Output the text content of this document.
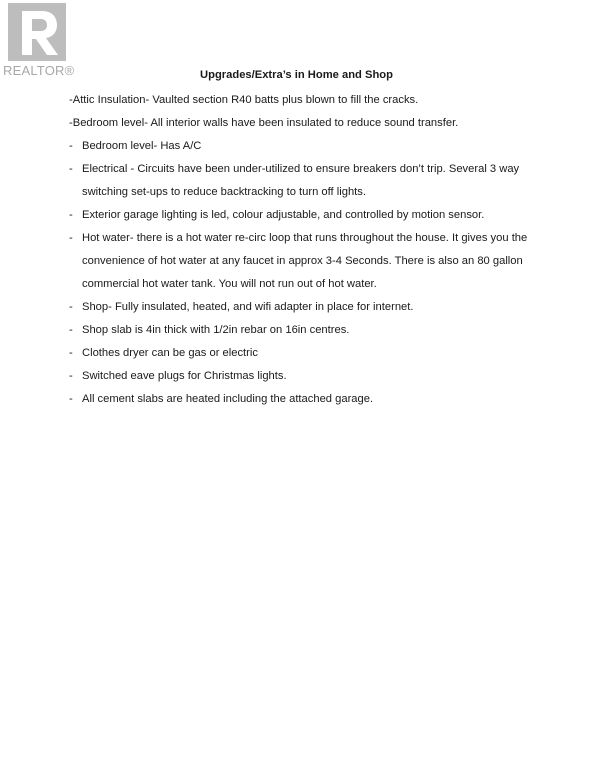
REALTOR®	Upgrades/Extra’s in Home and Shop
-Attic Insulation- Vaulted section R40 batts plus blown to fill the cracks.
-Bedroom level- All interior walls have been insulated to reduce sound transfer.
- Bedroom level- Has A/C
- Electrical - Circuits have been under-utilized to ensure breakers don’t trip. Several 3 way
switching set-ups to reduce backtracking to turn off lights.
- Exterior garage lighting is led, colour adjustable, and controlled by motion sensor.
- Hot water- there is a hot water re-circ loop that runs throughout the house. It gives you the
convenience of hot water at any faucet in approx 3-4 Seconds. There is also an 80 gallon
commercial hot water tank. You will not run out of hot water.
- Shop- Fully insulated, heated, and wifi adapter in place for internet.
- Shop slab is 4in thick with 1/2in rebar on 16in centres.
- Clothes dryer can be gas or electric
- Switched eave plugs for Christmas lights.
- All cement slabs are heated including the attached garage.
